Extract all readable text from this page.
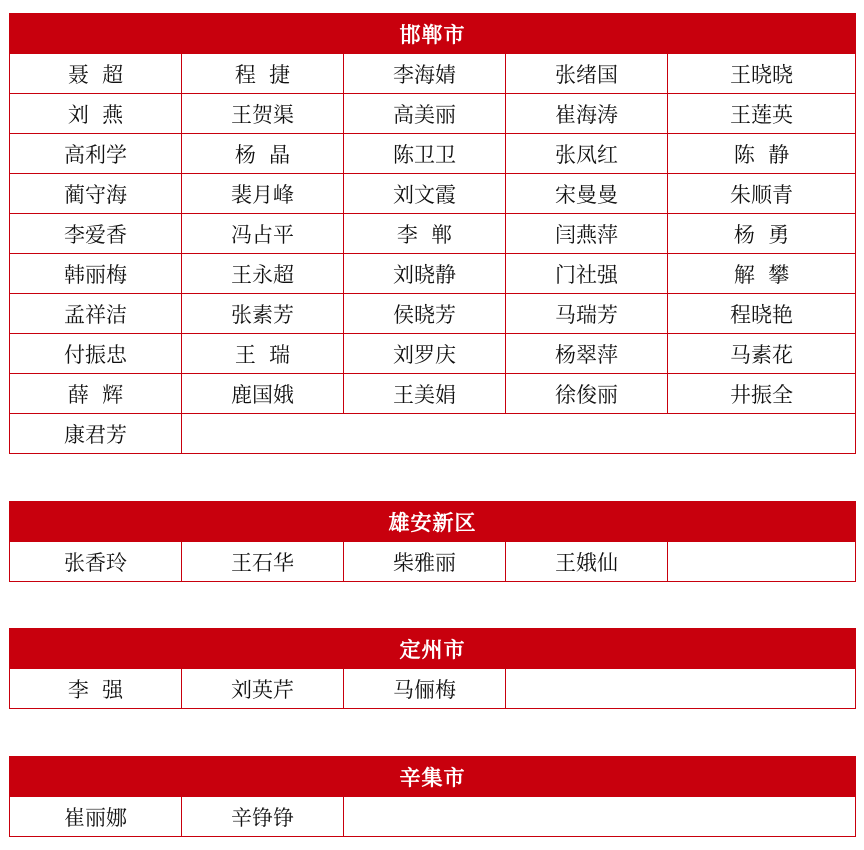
邯郸市				
聂  超	程  捷	李海婧	张绪国	王晓晓
刘  燕	王贺渠	高美丽	崔海涛	王莲英
高利学	杨  晶	陈卫卫	张凤红	陈  静
蔺守海	裴月峰	刘文霞	宋曼曼	朱顺青
李爱香	冯占平	李  郸	闫燕萍	杨  勇
韩丽梅	王永超	刘晓静	门社强	解  攀
孟祥洁	张素芳	侯晓芳	马瑞芳	程晓艳
付振忠	王  瑞	刘罗庆	杨翠萍	马素花
薛  辉	鹿国娥	王美娟	徐俊丽	井振全
康君芳				
雄安新区
张香玲	王石华	柴雅丽	王娥仙	
定州市
李  强	刘英芹	马俪梅	
辛集市
崔丽娜	辛铮铮	
